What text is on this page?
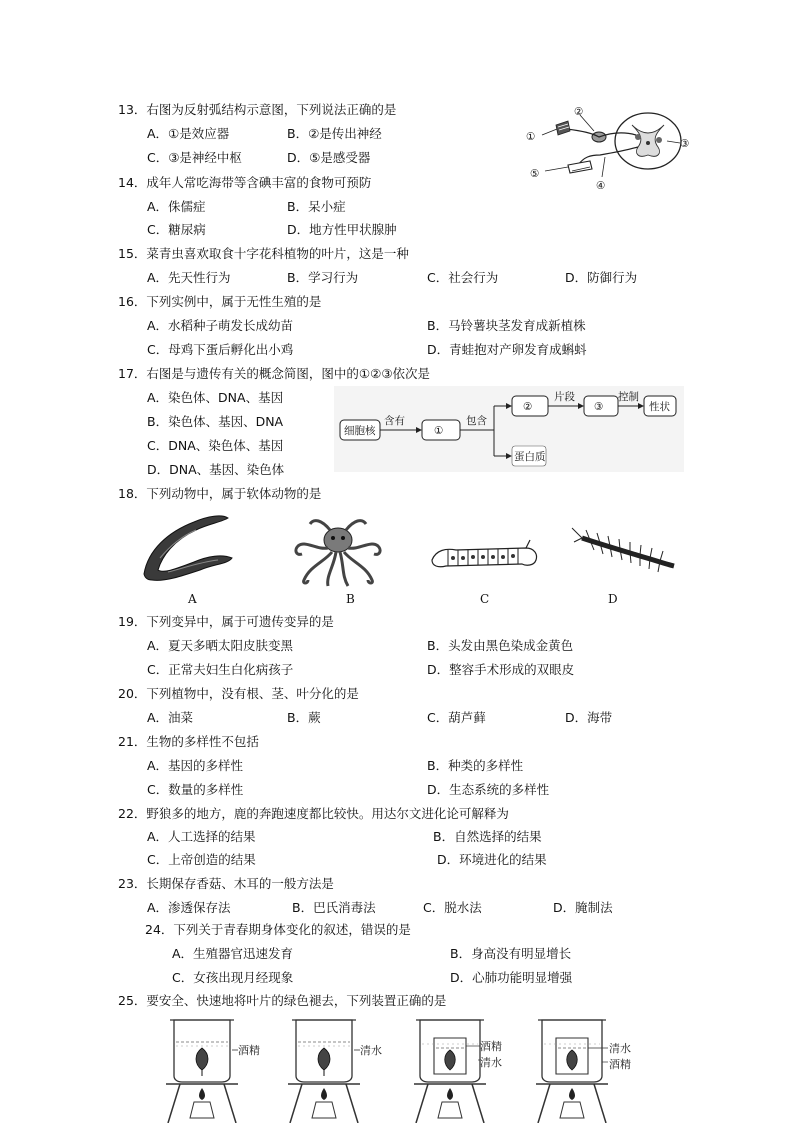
13．右图为反射弧结构示意图，下列说法正确的是
A．①是效应器	B．②是传出神经
C．③是神经中枢	D．⑤是感受器
①
②
③
④
⑤
14．成年人常吃海带等含碘丰富的食物可预防
A．侏儒症	B．呆小症
C．糖尿病	D．地方性甲状腺肿
15．菜青虫喜欢取食十字花科植物的叶片，这是一种
A．先天性行为	B．学习行为	C．社会行为	D．防御行为
16．下列实例中，属于无性生殖的是
A．水稻种子萌发长成幼苗	B．马铃薯块茎发育成新植株
C．母鸡下蛋后孵化出小鸡	D．青蛙抱对产卵发育成蝌蚪
17．右图是与遗传有关的概念简图，图中的①②③依次是
A．染色体、DNA、基因
B．染色体、基因、DNA
C．DNA、染色体、基因
D．DNA、基因、染色体
细胞核
含有
①
包含
②
片段
③
控制
性状
蛋白质
18．下列动物中，属于软体动物的是
A	B	C	D
19．下列变异中，属于可遗传变异的是
A．夏天多晒太阳皮肤变黑	B．头发由黑色染成金黄色
C．正常夫妇生白化病孩子	D．整容手术形成的双眼皮
20．下列植物中，没有根、茎、叶分化的是
A．油菜	B．蕨	C．葫芦藓	D．海带
21．生物的多样性不包括
A．基因的多样性	B．种类的多样性
C．数量的多样性	D．生态系统的多样性
22．野狼多的地方，鹿的奔跑速度都比较快。用达尔文进化论可解释为
A．人工选择的结果	B．自然选择的结果
C．上帝创造的结果	D．环境进化的结果
23．长期保存香菇、木耳的一般方法是
A．渗透保存法	B．巴氏消毒法	C．脱水法	D．腌制法
24．下列关于青春期身体变化的叙述，错误的是
A．生殖器官迅速发育	B．身高没有明显增长
C．女孩出现月经现象	D．心肺功能明显增强
25．要安全、快速地将叶片的绿色褪去，下列装置正确的是
酒精	清水	酒精
清水
清水
酒精
